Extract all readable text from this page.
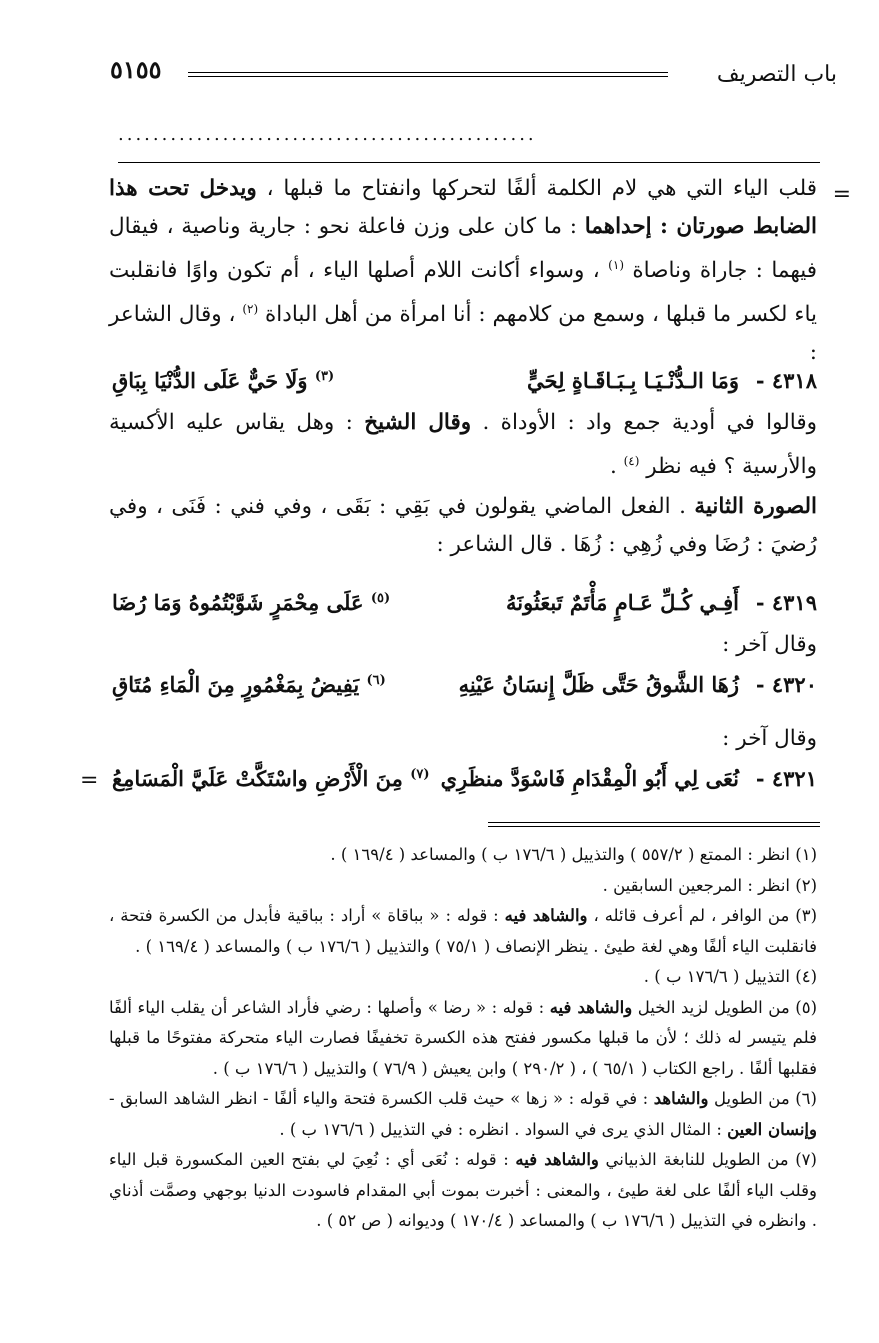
باب التصريف
٥١٥٥
................................................
=

قلب الياء التي هي لام الكلمة ألفًا لتحركها وانفتاح ما قبلها ، ويدخل تحت هذا الضابط صورتان : إحداهما : ما كان على وزن فاعلة نحو : جارية وناصية ، فيقال فيهما : جاراة وناصاة $^{(١)}$ ، وسواء أكانت اللام أصلها الياء ، أم تكون واوًا فانقلبت ياء لكسر ما قبلها ، وسمع من كلامهم : أنا امرأة من أهل الباداة $^{(٢)}$ ، وقال الشاعر :

٤٣١٨ -
وَمَا الـدُّنْـيَـا بِـبَـاقَـاةٍ لِحَيٍّ
$^{(٣)}$ وَلَا حَيٌّ عَلَى الدُّنْيَا بِبَاقِ

وقالوا في أودية جمع واد : الأوداة . وقال الشيخ : وهل يقاس عليه الأكسية والأرسية ؟ فيه نظر $^{(٤)}$ .

الصورة الثانية . الفعل الماضي يقولون في بَقِي : بَقَى ، وفي فني : فَنَى ، وفي رُضيَ : رُضَا وفي زُهِي : زُهَا . قال الشاعر :

٤٣١٩ -
أَفِـي كُـلِّ عَـامٍ مَأْتَمٌ تَبعَثُونَهُ
$^{(٥)}$ عَلَى مِحْمَرٍ شَوَّبْتُمُوهُ وَمَا رُضَا
وقال آخر :
٤٣٢٠ -
زُهَا الشَّوقُ حَتَّى ظَلَّ إِنسَانُ عَيْنِهِ
$^{(٦)}$ يَفِيضُ بِمَغْمُورٍ مِنَ الْمَاءِ مُتَاقِ
وقال آخر :
٤٣٢١ -
نُعَى لِي أَبُو الْمِقْدَامِ فَاسْوَدَّ منظَرِي
$^{(٧)}$ مِنَ الْأَرْضِ واسْتَكَّتْ عَلَيَّ الْمَسَامِعُ
=

(١) انظر : الممتع ( ٥٥٧/٢ ) والتذييل ( ١٧٦/٦ ب ) والمساعد ( ١٦٩/٤ ) .

(٢) انظر : المرجعين السابقين .

(٣) من الوافر ، لم أعرف قائله ، والشاهد فيه : قوله : « بباقاة » أراد : بباقية فأبدل من الكسرة فتحة ، فانقلبت الياء ألفًا وهي لغة طيئ . ينظر الإنصاف ( ٧٥/١ ) والتذييل ( ١٧٦/٦ ب ) والمساعد ( ١٦٩/٤ ) .

(٤) التذييل ( ١٧٦/٦ ب ) .

(٥) من الطويل لزيد الخيل والشاهد فيه : قوله : « رضا » وأصلها : رضي فأراد الشاعر أن يقلب الياء ألفًا فلم يتيسر له ذلك ؛ لأن ما قبلها مكسور ففتح هذه الكسرة تخفيفًا فصارت الياء متحركة مفتوحًا ما قبلها فقلبها ألفًا . راجع الكتاب ( ٦٥/١ ) ، ( ٢٩٠/٢ ) وابن يعيش ( ٧٦/٩ ) والتذييل ( ١٧٦/٦ ب ) .

(٦) من الطويل والشاهد : في قوله : « زها » حيث قلب الكسرة فتحة والياء ألفًا - انظر الشاهد السابق - وإنسان العين : المثال الذي يرى في السواد . انظره : في التذييل ( ١٧٦/٦ ب ) .

(٧) من الطويل للنابغة الذبياني والشاهد فيه : قوله : نُعَى أي : نُعِيَ لي بفتح العين المكسورة قبل الياء وقلب الياء ألفًا على لغة طيئ ، والمعنى : أخبرت بموت أبي المقدام فاسودت الدنيا بوجهي وصمَّت أذناي . وانظره في التذييل ( ١٧٦/٦ ب ) والمساعد ( ١٧٠/٤ ) وديوانه ( ص ٥٢ ) .
